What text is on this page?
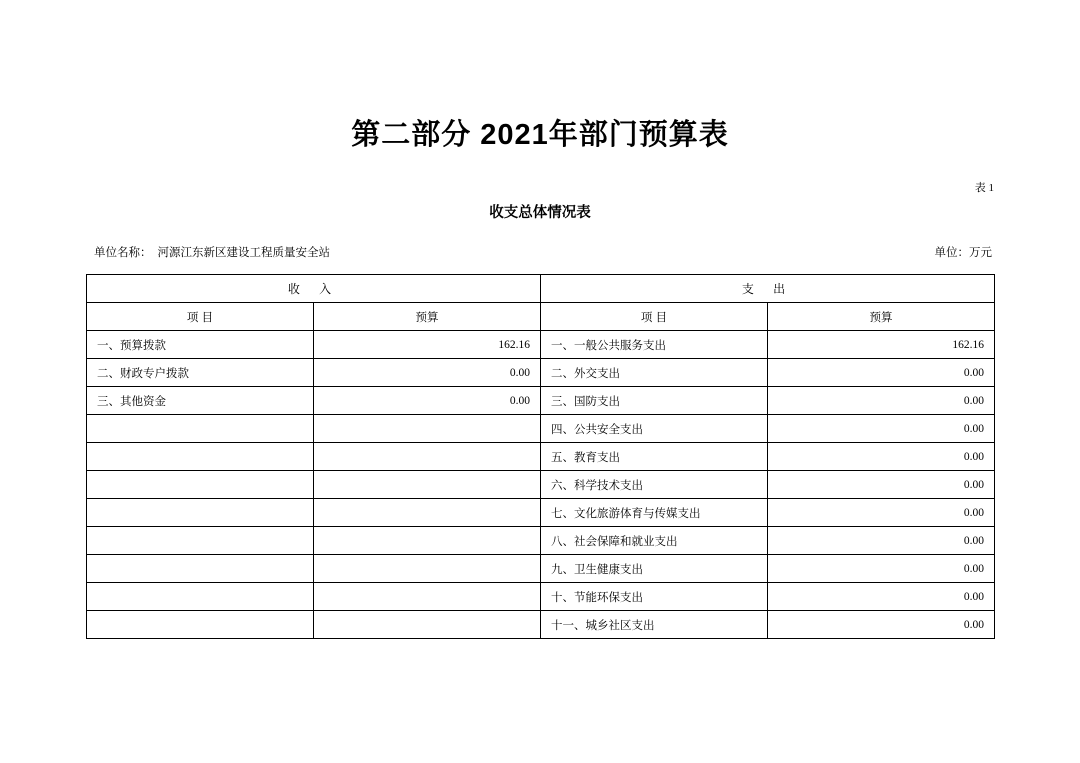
第二部分 2021年部门预算表
表 1
收支总体情况表
单位名称： 河源江东新区建设工程质量安全站	单位：万元
收 入		支 出	
项 目	预算	项 目	预算
一、预算拨款	162.16	一、一般公共服务支出	162.16
二、财政专户拨款	0.00	二、外交支出	0.00
三、其他资金	0.00	三、国防支出	0.00
		四、公共安全支出	0.00
		五、教育支出	0.00
		六、科学技术支出	0.00
		七、文化旅游体育与传媒支出	0.00
		八、社会保障和就业支出	0.00
		九、卫生健康支出	0.00
		十、节能环保支出	0.00
		十一、城乡社区支出	0.00
